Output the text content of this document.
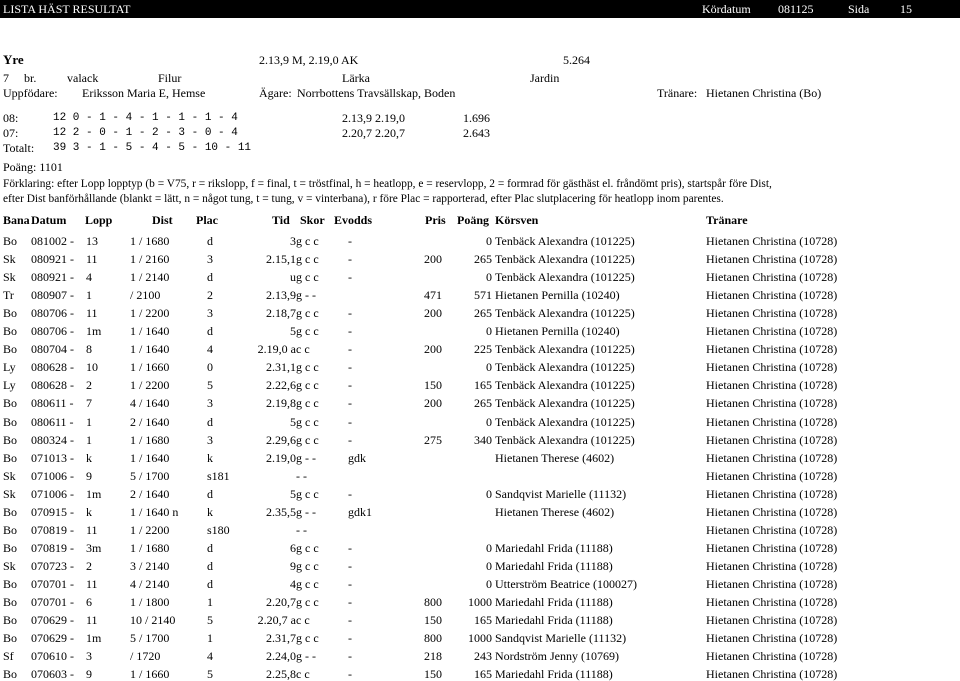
LISTA HÄST RESULTAT	Kördatum 081125	Sida	15
Yre	2.13,9 M, 2.19,0 AK	5.264
7 br.	valack	Filur	Lärka	Jardin
Uppfödare: Eriksson Maria E, Hemse	Ägare: Norrbottens Travsällskap, Boden	Tränare: Hietanen Christina (Bo)
08:	12 0 - 1 - 4 - 1 - 1 - 1 - 4	2.13,9 2.19,0	1.696
07:	12 2 - 0 - 1 - 2 - 3 - 0 - 4	2.20,7 2.20,7	2.643
Totalt: 39 3 - 1 - 5 - 4 - 5 - 10 - 11
Poäng: 1101
Förklaring: efter Lopp lopptyp (b = V75, r = rikslopp, f = final, t = tröstfinal, h = heatlopp, e = reservlopp, 2 = formrad för gästhäst el. fråndömt pris), startspår före Dist,
efter Dist banförhållande (blankt = lätt, n = något tung, t = tung, v = vinterbana), r före Plac = rapporterad, efter Plac slutplacering för heatlopp inom parentes.
Bana Datum Lopp	Dist Plac	Tid Skor Evodds	Pris Poäng Körsven	Tränare
Bo	081002 -	13	1 / 1680	d	3 g c c	-	0 Tenbäck Alexandra (101225)	Hietanen Christina (10728)
Sk	080921 -	11	1 / 2160	3	2.15,1 g c c	-	200	265 Tenbäck Alexandra (101225)	Hietanen Christina (10728)
Sk	080921 -	4	1 / 2140	d	u g c c	-	0 Tenbäck Alexandra (101225)	Hietanen Christina (10728)
Tr	080907 -	1	/ 2100	2	2.13,9 g - -	471	571 Hietanen Pernilla (10240)	Hietanen Christina (10728)
Bo	080706 -	11	1 / 2200	3	2.18,7 g c c	-	200	265 Tenbäck Alexandra (101225)	Hietanen Christina (10728)
Bo	080706 -	1m	1 / 1640	d	5 g c c	-	0 Hietanen Pernilla (10240)	Hietanen Christina (10728)
Bo	080704 -	8	1 / 1640	4	2.19,0 a c c	-	200	225 Tenbäck Alexandra (101225)	Hietanen Christina (10728)
Ly	080628 -	10	1 / 1660	0	2.31,1 g c c	-	0 Tenbäck Alexandra (101225)	Hietanen Christina (10728)
Ly	080628 -	2	1 / 2200	5	2.22,6 g c c	-	150	165 Tenbäck Alexandra (101225)	Hietanen Christina (10728)
Bo	080611 -	7	4 / 1640	3	2.19,8 g c c	-	200	265 Tenbäck Alexandra (101225)	Hietanen Christina (10728)
Bo	080611 -	1	2 / 1640	d	5 g c c	-	0 Tenbäck Alexandra (101225)	Hietanen Christina (10728)
Bo	080324 -	1	1 / 1680	3	2.29,6 g c c	-	275	340 Tenbäck Alexandra (101225)	Hietanen Christina (10728)
Bo	071013 -	k	1 / 1640	k	2.19,0 g - -	gdk	Hietanen Therese (4602)	Hietanen Christina (10728)
Sk	071006 -	9	5 / 1700	s181	- -	Hietanen Christina (10728)
Sk	071006 -	1m	2 / 1640	d	5 g c c	-	0 Sandqvist Marielle (11132)	Hietanen Christina (10728)
Bo	070915 -	k	1 / 1640 n	k	2.35,5 g - -	gdk1	Hietanen Therese (4602)	Hietanen Christina (10728)
Bo	070819 -	11	1 / 2200	s180	- -	Hietanen Christina (10728)
Bo	070819 -	3m	1 / 1680	d	6 g c c	-	0 Mariedahl Frida (11188)	Hietanen Christina (10728)
Sk	070723 -	2	3 / 2140	d	9 g c c	-	0 Mariedahl Frida (11188)	Hietanen Christina (10728)
Bo	070701 -	11	4 / 2140	d	4 g c c	-	0 Utterström Beatrice (100027)	Hietanen Christina (10728)
Bo	070701 -	6	1 / 1800	1	2.20,7 g c c	-	800	1000 Mariedahl Frida (11188)	Hietanen Christina (10728)
Bo	070629 -	11	10 / 2140	5	2.20,7 a c c	-	150	165 Mariedahl Frida (11188)	Hietanen Christina (10728)
Bo	070629 -	1m	5 / 1700	1	2.31,7 g c c	-	800	1000 Sandqvist Marielle (11132)	Hietanen Christina (10728)
Sf	070610 -	3	/ 1720	4	2.24,0 g - -	-	218	243 Nordström Jenny (10769)	Hietanen Christina (10728)
Bo	070603 -	9	1 / 1660	5	2.25,8 c c	-	150	165 Mariedahl Frida (11188)	Hietanen Christina (10728)
